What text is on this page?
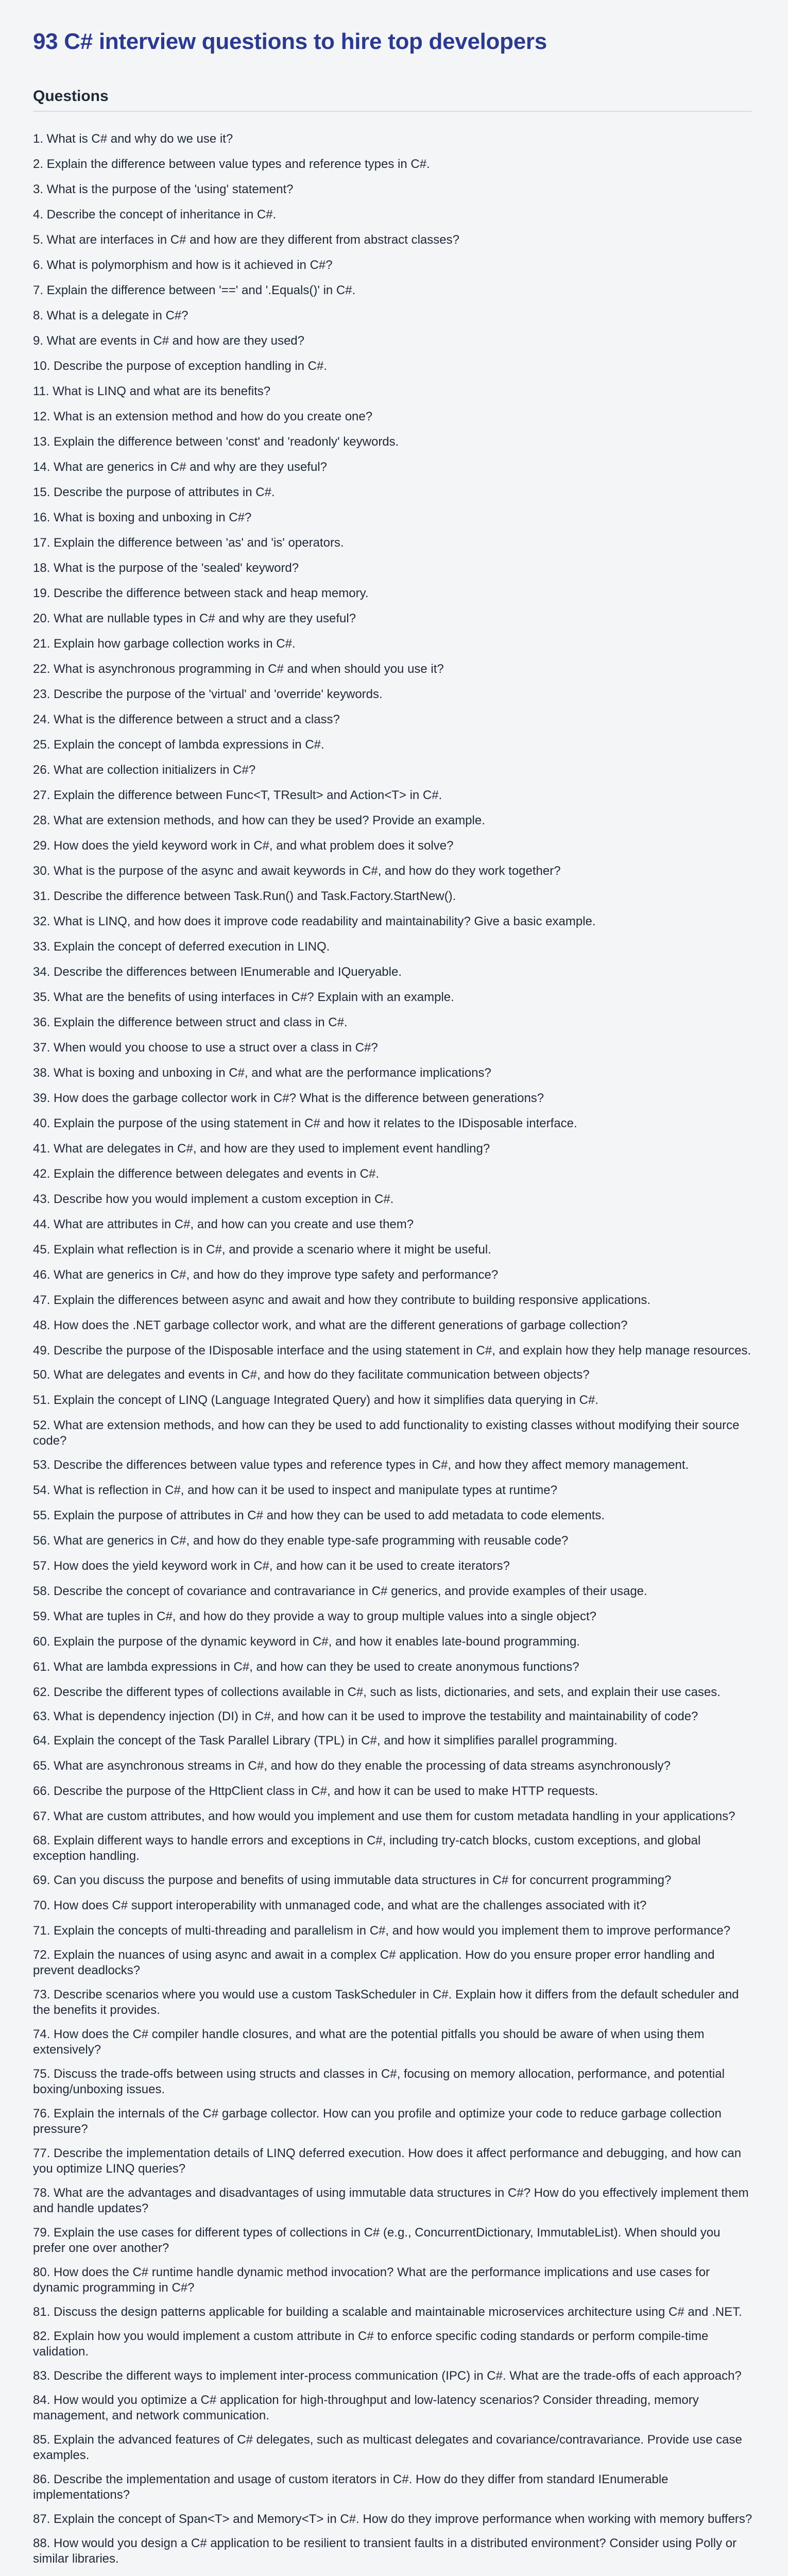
93 C# interview questions to hire top developers
Questions
1. What is C# and why do we use it?
2. Explain the difference between value types and reference types in C#.
3. What is the purpose of the 'using' statement?
4. Describe the concept of inheritance in C#.
5. What are interfaces in C# and how are they different from abstract classes?
6. What is polymorphism and how is it achieved in C#?
7. Explain the difference between '==' and '.Equals()' in C#.
8. What is a delegate in C#?
9. What are events in C# and how are they used?
10. Describe the purpose of exception handling in C#.
11. What is LINQ and what are its benefits?
12. What is an extension method and how do you create one?
13. Explain the difference between 'const' and 'readonly' keywords.
14. What are generics in C# and why are they useful?
15. Describe the purpose of attributes in C#.
16. What is boxing and unboxing in C#?
17. Explain the difference between 'as' and 'is' operators.
18. What is the purpose of the 'sealed' keyword?
19. Describe the difference between stack and heap memory.
20. What are nullable types in C# and why are they useful?
21. Explain how garbage collection works in C#.
22. What is asynchronous programming in C# and when should you use it?
23. Describe the purpose of the 'virtual' and 'override' keywords.
24. What is the difference between a struct and a class?
25. Explain the concept of lambda expressions in C#.
26. What are collection initializers in C#?
27. Explain the difference between Func<T, TResult> and Action<T> in C#.
28. What are extension methods, and how can they be used? Provide an example.
29. How does the yield keyword work in C#, and what problem does it solve?
30. What is the purpose of the async and await keywords in C#, and how do they work together?
31. Describe the difference between Task.Run() and Task.Factory.StartNew().
32. What is LINQ, and how does it improve code readability and maintainability? Give a basic example.
33. Explain the concept of deferred execution in LINQ.
34. Describe the differences between IEnumerable and IQueryable.
35. What are the benefits of using interfaces in C#? Explain with an example.
36. Explain the difference between struct and class in C#.
37. When would you choose to use a struct over a class in C#?
38. What is boxing and unboxing in C#, and what are the performance implications?
39. How does the garbage collector work in C#? What is the difference between generations?
40. Explain the purpose of the using statement in C# and how it relates to the IDisposable interface.
41. What are delegates in C#, and how are they used to implement event handling?
42. Explain the difference between delegates and events in C#.
43. Describe how you would implement a custom exception in C#.
44. What are attributes in C#, and how can you create and use them?
45. Explain what reflection is in C#, and provide a scenario where it might be useful.
46. What are generics in C#, and how do they improve type safety and performance?
47. Explain the differences between async and await and how they contribute to building responsive applications.
48. How does the .NET garbage collector work, and what are the different generations of garbage collection?
49. Describe the purpose of the IDisposable interface and the using statement in C#, and explain how they help manage resources.
50. What are delegates and events in C#, and how do they facilitate communication between objects?
51. Explain the concept of LINQ (Language Integrated Query) and how it simplifies data querying in C#.
52. What are extension methods, and how can they be used to add functionality to existing classes without modifying their source code?
53. Describe the differences between value types and reference types in C#, and how they affect memory management.
54. What is reflection in C#, and how can it be used to inspect and manipulate types at runtime?
55. Explain the purpose of attributes in C# and how they can be used to add metadata to code elements.
56. What are generics in C#, and how do they enable type-safe programming with reusable code?
57. How does the yield keyword work in C#, and how can it be used to create iterators?
58. Describe the concept of covariance and contravariance in C# generics, and provide examples of their usage.
59. What are tuples in C#, and how do they provide a way to group multiple values into a single object?
60. Explain the purpose of the dynamic keyword in C#, and how it enables late-bound programming.
61. What are lambda expressions in C#, and how can they be used to create anonymous functions?
62. Describe the different types of collections available in C#, such as lists, dictionaries, and sets, and explain their use cases.
63. What is dependency injection (DI) in C#, and how can it be used to improve the testability and maintainability of code?
64. Explain the concept of the Task Parallel Library (TPL) in C#, and how it simplifies parallel programming.
65. What are asynchronous streams in C#, and how do they enable the processing of data streams asynchronously?
66. Describe the purpose of the HttpClient class in C#, and how it can be used to make HTTP requests.
67. What are custom attributes, and how would you implement and use them for custom metadata handling in your applications?
68. Explain different ways to handle errors and exceptions in C#, including try-catch blocks, custom exceptions, and global exception handling.
69. Can you discuss the purpose and benefits of using immutable data structures in C# for concurrent programming?
70. How does C# support interoperability with unmanaged code, and what are the challenges associated with it?
71. Explain the concepts of multi-threading and parallelism in C#, and how would you implement them to improve performance?
72. Explain the nuances of using async and await in a complex C# application. How do you ensure proper error handling and prevent deadlocks?
73. Describe scenarios where you would use a custom TaskScheduler in C#. Explain how it differs from the default scheduler and the benefits it provides.
74. How does the C# compiler handle closures, and what are the potential pitfalls you should be aware of when using them extensively?
75. Discuss the trade-offs between using structs and classes in C#, focusing on memory allocation, performance, and potential boxing/unboxing issues.
76. Explain the internals of the C# garbage collector. How can you profile and optimize your code to reduce garbage collection pressure?
77. Describe the implementation details of LINQ deferred execution. How does it affect performance and debugging, and how can you optimize LINQ queries?
78. What are the advantages and disadvantages of using immutable data structures in C#? How do you effectively implement them and handle updates?
79. Explain the use cases for different types of collections in C# (e.g., ConcurrentDictionary, ImmutableList). When should you prefer one over another?
80. How does the C# runtime handle dynamic method invocation? What are the performance implications and use cases for dynamic programming in C#?
81. Discuss the design patterns applicable for building a scalable and maintainable microservices architecture using C# and .NET.
82. Explain how you would implement a custom attribute in C# to enforce specific coding standards or perform compile-time validation.
83. Describe the different ways to implement inter-process communication (IPC) in C#. What are the trade-offs of each approach?
84. How would you optimize a C# application for high-throughput and low-latency scenarios? Consider threading, memory management, and network communication.
85. Explain the advanced features of C# delegates, such as multicast delegates and covariance/contravariance. Provide use case examples.
86. Describe the implementation and usage of custom iterators in C#. How do they differ from standard IEnumerable implementations?
87. Explain the concept of Span<T> and Memory<T> in C#. How do they improve performance when working with memory buffers?
88. How would you design a C# application to be resilient to transient faults in a distributed environment? Consider using Polly or similar libraries.
